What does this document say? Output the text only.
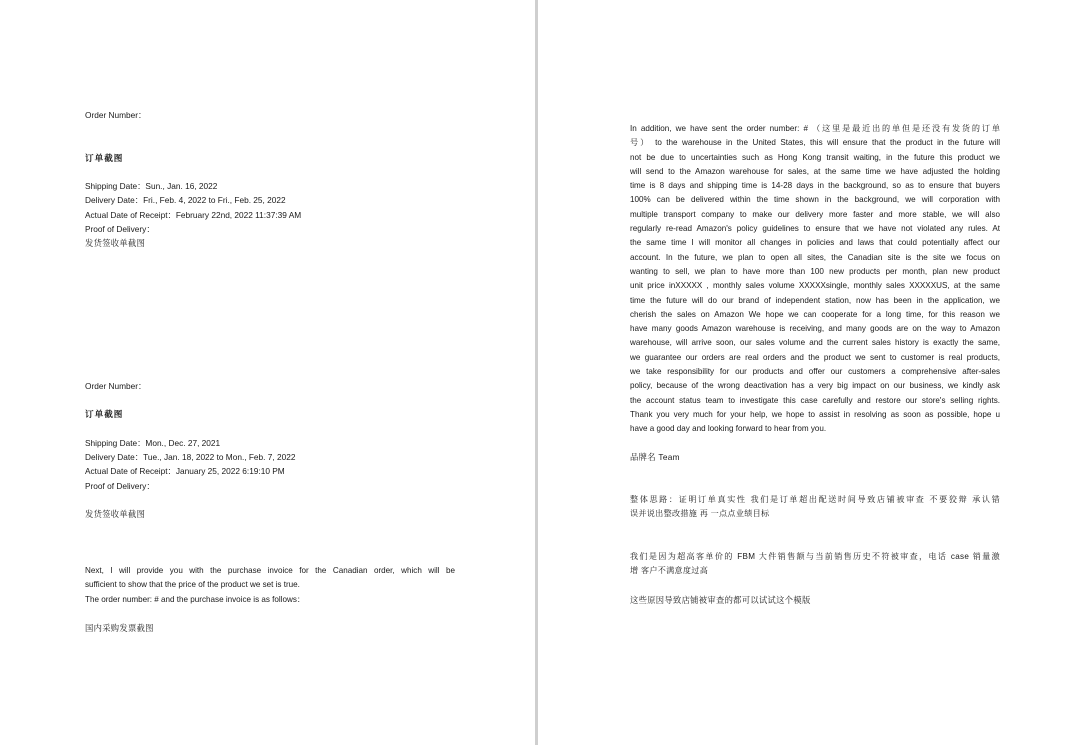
Order Number：
订单截图
Shipping Date：Sun., Jan. 16, 2022
Delivery Date：Fri., Feb. 4, 2022 to Fri., Feb. 25, 2022
Actual Date of Receipt：February 22nd, 2022 11:37:39 AM
Proof of Delivery：
发货签收单截图
Order Number：
订单截图
Shipping Date：Mon., Dec. 27, 2021
Delivery Date：Tue., Jan. 18, 2022 to Mon., Feb. 7, 2022
Actual Date of Receipt：January 25, 2022 6:19:10 PM
Proof of Delivery：
发货签收单截图
Next, I will provide you with the purchase invoice for the Canadian order, which will be
sufficient to show that the price of the product we set is true.
The order number: # and the purchase invoice is as follows：
国内采购发票截图
In addition, we have sent the order number: # （这里是最近出的单但是还没有发货的订单
号） to the warehouse in the United States, this will ensure that the product in the future will
not be due to uncertainties such as Hong Kong transit waiting, in the future this product we
will send to the Amazon warehouse for sales, at the same time we have adjusted the holding
time is 8 days and shipping time is 14-28 days in the background, so as to ensure that buyers
100% can be delivered within the time shown in the background, we will corporation with
multiple transport company to make our delivery more faster and more stable, we will also
regularly re-read Amazon's policy guidelines to ensure that we have not violated any rules. At
the same time I will monitor all changes in policies and laws that could potentially affect our
account. In the future, we plan to open all sites, the Canadian site is the site we focus on
wanting to sell, we plan to have more than 100 new products per month, plan new product
unit price inXXXXX , monthly sales volume XXXXXsingle, monthly sales XXXXXUS, at the same
time the future will do our brand of independent station, now has been in the application, we
cherish the sales on Amazon We hope we can cooperate for a long time, for this reason we
have many goods Amazon warehouse is receiving, and many goods are on the way to Amazon
warehouse, will arrive soon, our sales volume and the current sales history is exactly the same,
we guarantee our orders are real orders and the product we sent to customer is real products,
we take responsibility for our products and offer our customers a comprehensive after-sales
policy, because of the wrong deactivation has a very big impact on our business, we kindly ask
the account status team to investigate this case carefully and restore our store's selling rights.
Thank you very much for your help, we hope to assist in resolving as soon as possible, hope u
have a good day and looking forward to hear from you.
品牌名 Team
整体思路：证明订单真实性 我们是订单超出配送时间导致店铺被审查 不要狡辩 承认错
误并说出整改措施 再 一点点业绩目标
我们是因为超高客单价的 FBM 大件销售额与当前销售历史不符被审查，电话 case 销量激
增 客户不满意度过高
这些原因导致店铺被审查的都可以试试这个模版
